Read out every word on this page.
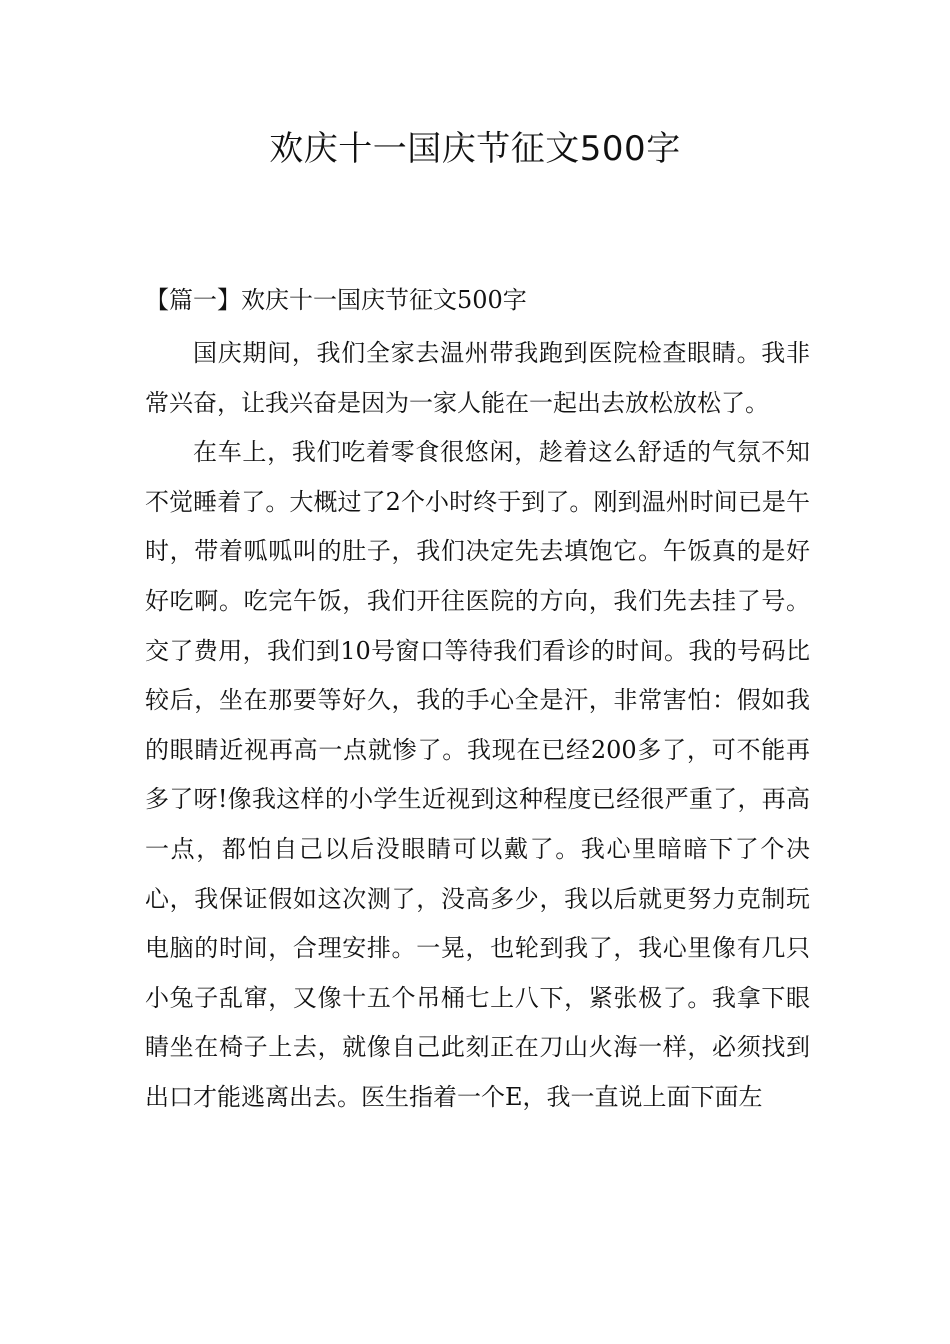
欢庆十一国庆节征文500字

【篇一】欢庆十一国庆节征文500字

国庆期间，我们全家去温州带我跑到医院检查眼睛。我非常兴奋，让我兴奋是因为一家人能在一起出去放松放松了。

在车上，我们吃着零食很悠闲，趁着这么舒适的气氛不知不觉睡着了。大概过了2个小时终于到了。刚到温州时间已是午时，带着呱呱叫的肚子，我们决定先去填饱它。午饭真的是好好吃啊。吃完午饭，我们开往医院的方向，我们先去挂了号。交了费用，我们到10号窗口等待我们看诊的时间。我的号码比较后，坐在那要等好久，我的手心全是汗，非常害怕：假如我的眼睛近视再高一点就惨了。我现在已经200多了，可不能再多了呀!像我这样的小学生近视到这种程度已经很严重了，再高一点，都怕自己以后没眼睛可以戴了。我心里暗暗下了个决心，我保证假如这次测了，没高多少，我以后就更努力克制玩电脑的时间，合理安排。一晃，也轮到我了，我心里像有几只小兔子乱窜，又像十五个吊桶七上八下，紧张极了。我拿下眼睛坐在椅子上去，就像自己此刻正在刀山火海一样，必须找到出口才能逃离出去。医生指着一个E，我一直说上面下面左
